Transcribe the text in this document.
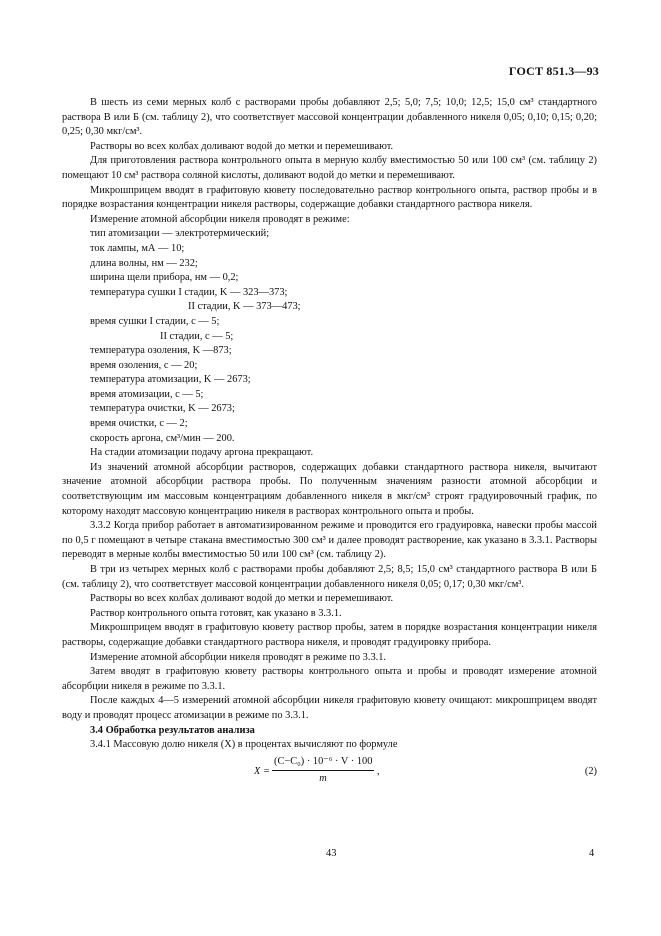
ГОСТ 851.3—93

В шесть из семи мерных колб с растворами пробы добавляют 2,5; 5,0; 7,5; 10,0; 12,5; 15,0 см³ стандартного раствора В или Б (см. таблицу 2), что соответствует массовой концентрации добавленного никеля 0,05; 0,10; 0,15; 0,20; 0,25; 0,30 мкг/см³.

Растворы во всех колбах доливают водой до метки и перемешивают.

Для приготовления раствора контрольного опыта в мерную колбу вместимостью 50 или 100 см³ (см. таблицу 2) помещают 10 см³ раствора соляной кислоты, доливают водой до метки и перемешивают.

Микрошприцем вводят в графитовую кювету последовательно раствор контрольного опыта, раствор пробы и в порядке возрастания концентрации никеля растворы, содержащие добавки стандартного раствора никеля.

Измерение атомной абсорбции никеля проводят в режиме:

тип атомизации — электротермический;

ток лампы, мА — 10;

длина волны, нм — 232;

ширина щели прибора, нм — 0,2;

температура сушки I стадии, K — 323—373;

II стадии, K — 373—473;

время сушки I стадии, с — 5;

II стадии, с — 5;

температура озоления, K —873;

время озоления, с — 20;

температура атомизации, K — 2673;

время атомизации, с — 5;

температура очистки, K — 2673;

время очистки, с — 2;

скорость аргона, см³/мин — 200.

На стадии атомизации подачу аргона прекращают.

Из значений атомной абсорбции растворов, содержащих добавки стандартного раствора никеля, вычитают значение атомной абсорбции раствора пробы. По полученным значениям разности атомной абсорбции и соответствующим им массовым концентрациям добавленного никеля в мкг/см³ строят градуировочный график, по которому находят массовую концентрацию никеля в растворах контрольного опыта и пробы.

3.3.2 Когда прибор работает в автоматизированном режиме и проводится его градуировка, навески пробы массой по 0,5 г помещают в четыре стакана вместимостью 300 см³ и далее проводят растворение, как указано в 3.3.1. Растворы переводят в мерные колбы вместимостью 50 или 100 см³ (см. таблицу 2).

В три из четырех мерных колб с растворами пробы добавляют 2,5; 8,5; 15,0 см³ стандартного раствора В или Б (см. таблицу 2), что соответствует массовой концентрации добавленного никеля 0,05; 0,17; 0,30 мкг/см³.

Растворы во всех колбах доливают водой до метки и перемешивают.

Раствор контрольного опыта готовят, как указано в 3.3.1.

Микрошприцем вводят в графитовую кювету раствор пробы, затем в порядке возрастания концентрации никеля растворы, содержащие добавки стандартного раствора никеля, и проводят градуировку прибора.

Измерение атомной абсорбции никеля проводят в режиме по 3.3.1.

Затем вводят в графитовую кювету растворы контрольного опыта и пробы и проводят измерение атомной абсорбции никеля в режиме по 3.3.1.

После каждых 4—5 измерений атомной абсорбции никеля графитовую кювету очищают: микрошприцем вводят воду и проводят процесс атомизации в режиме по 3.3.1.

3.4 Обработка результатов анализа

3.4.1 Массовую долю никеля (X) в процентах вычисляют по формуле

$X = \frac{\text{(C−C₀) · 10⁻⁶ · V · 100}}{m}$ ,	(2)
43	4
